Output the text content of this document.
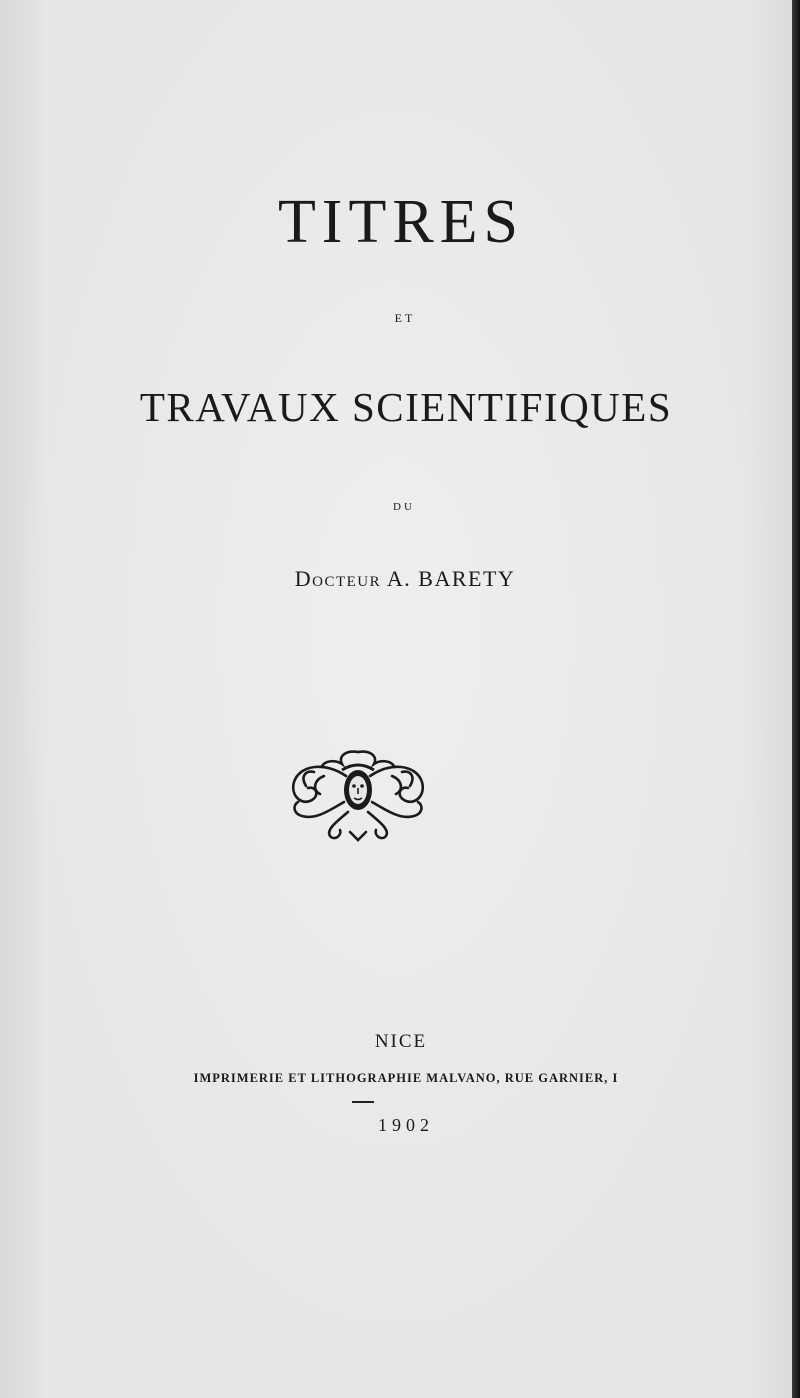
TITRES
ET
TRAVAUX SCIENTIFIQUES
DU
Docteur A. BARETY
NICE
IMPRIMERIE ET LITHOGRAPHIE MALVANO, RUE GARNIER, I
1902
